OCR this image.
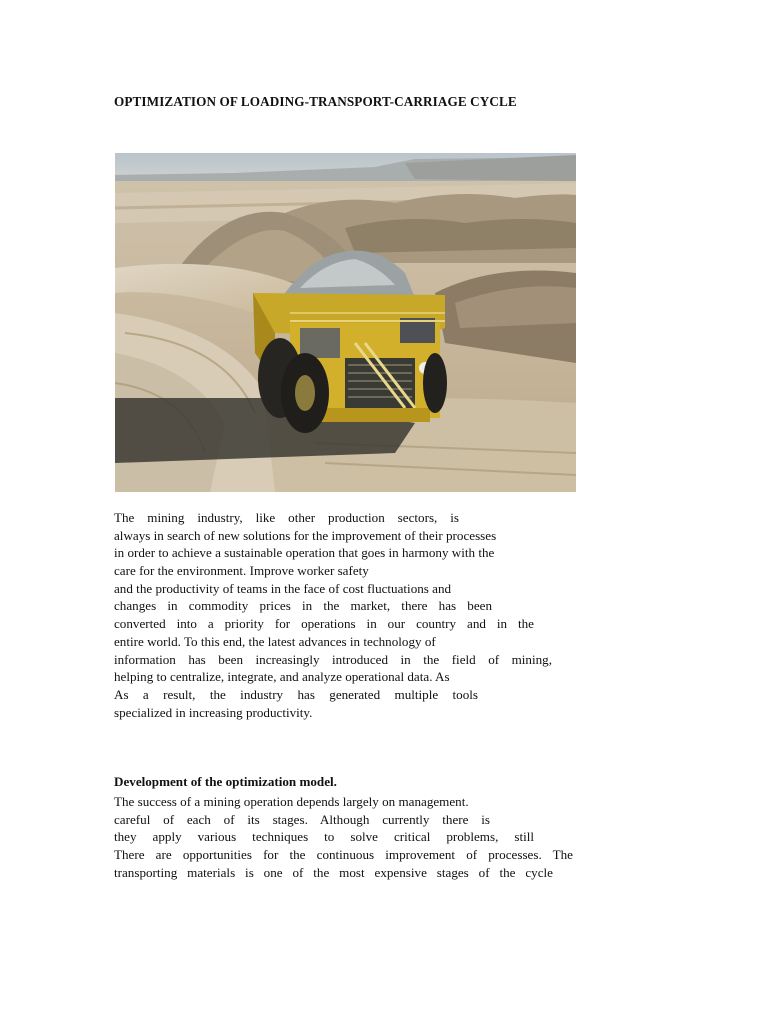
OPTIMIZATION OF LOADING-TRANSPORT-CARRIAGE CYCLE
The mining industry, like other production sectors, is
always in search of new solutions for the improvement of their processes
in order to achieve a sustainable operation that goes in harmony with the
care for the environment. Improve worker safety
and the productivity of teams in the face of cost fluctuations and
changes in commodity prices in the market, there has been
converted into a priority for operations in our country and in the
entire world. To this end, the latest advances in technology of
information has been increasingly introduced in the field of mining,
helping to centralize, integrate, and analyze operational data. As
As a result, the industry has generated multiple tools
specialized in increasing productivity.
Development of the optimization model.
The success of a mining operation depends largely on management.
careful of each of its stages. Although currently there is
they apply various techniques to solve critical problems, still
There are opportunities for the continuous improvement of processes. The
transporting materials is one of the most expensive stages of the cycle
